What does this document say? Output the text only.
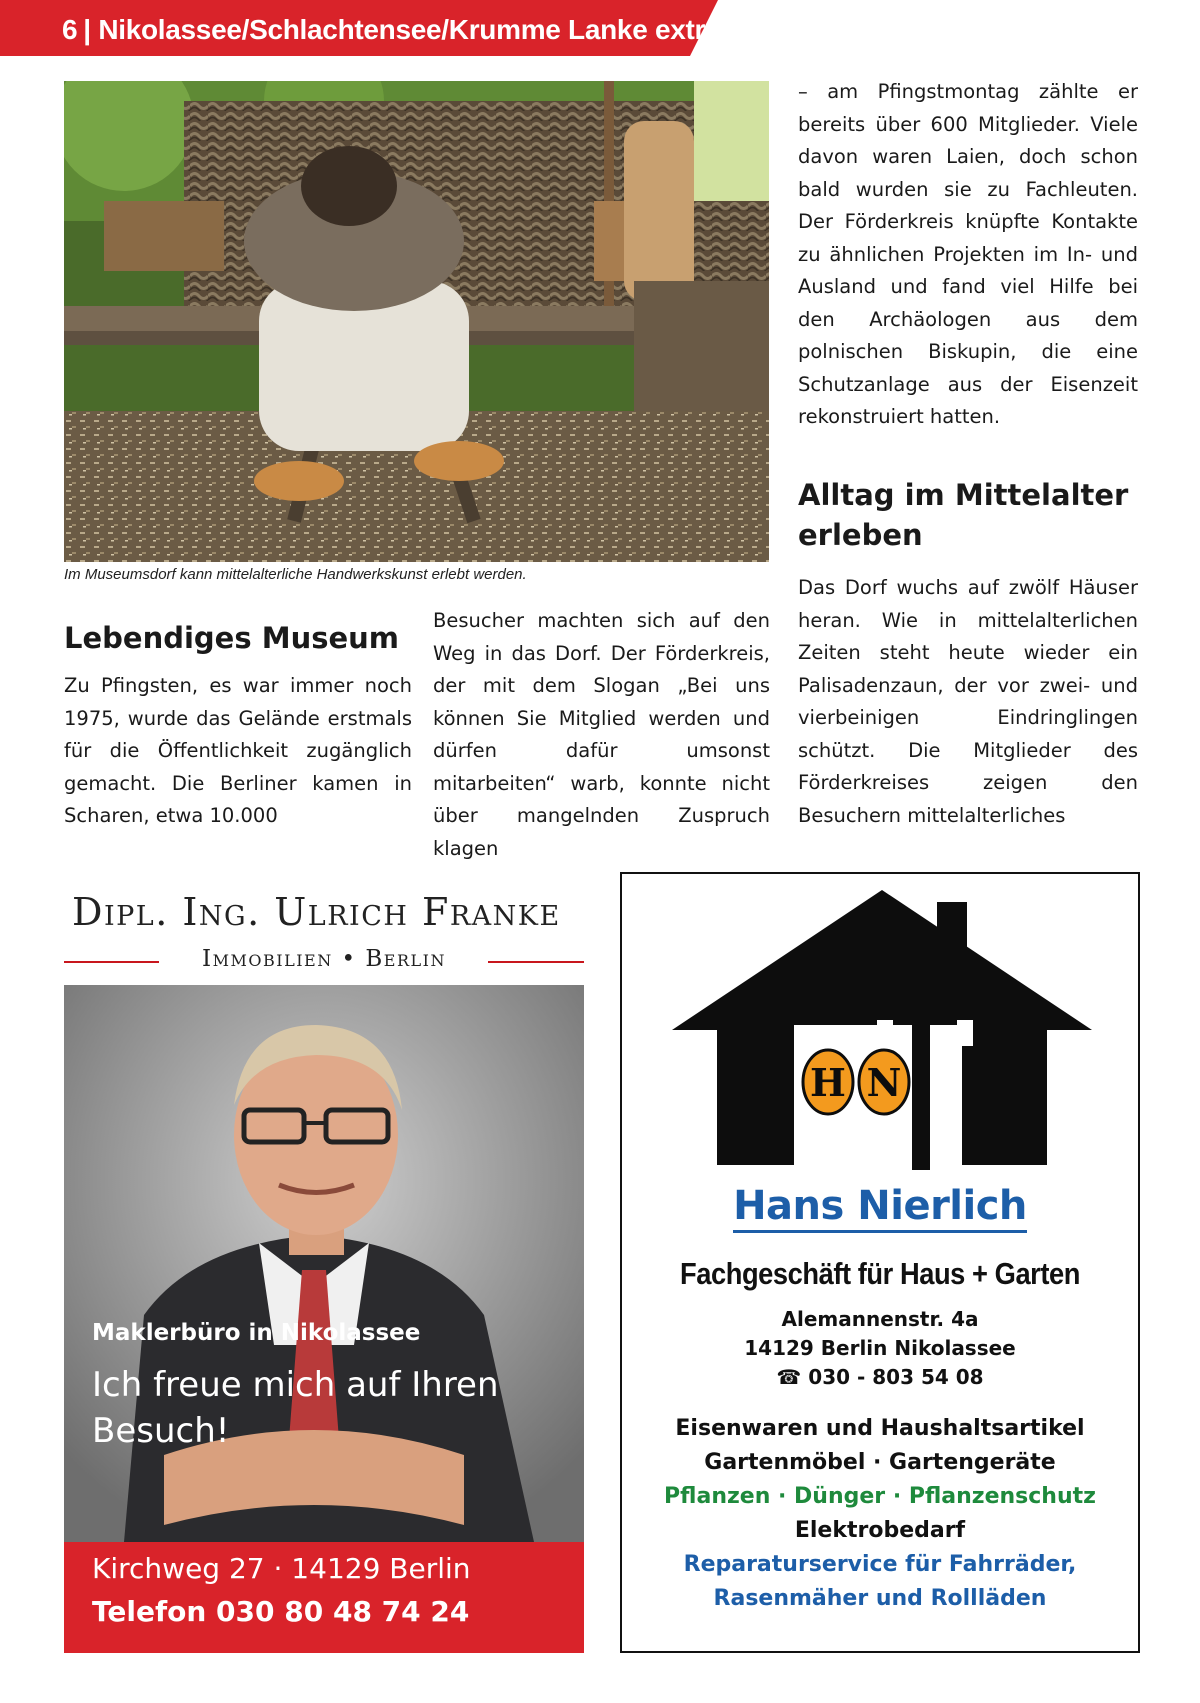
6 | Nikolassee/Schlachtensee/Krumme Lanke extra
Im Museumsdorf kann mittelalterliche Handwerkskunst erlebt werden.
Lebendiges Museum

Zu Pfingsten, es war immer noch 1975, wurde das Gelände erstmals für die Öffentlichkeit zugänglich gemacht. Die Berliner kamen in Scharen, etwa 10.000

Besucher machten sich auf den Weg in das Dorf. Der Förderkreis, der mit dem Slogan „Bei uns können Sie Mitglied werden und dürfen dafür umsonst mitarbeiten“ warb, konnte nicht über mangelnden Zuspruch klagen

– am Pfingstmontag zählte er bereits über 600 Mitglieder. Viele davon waren Laien, doch schon bald wurden sie zu Fachleuten. Der Förderkreis knüpfte Kontakte zu ähnlichen Projekten im In- und Ausland und fand viel Hilfe bei den Archäologen aus dem polnischen Biskupin, die eine Schutzanlage aus der Eisenzeit rekonstruiert hatten.

Alltag im Mittelalter erleben

Das Dorf wuchs auf zwölf Häuser heran. Wie in mittelalterlichen Zeiten steht heute wieder ein Palisadenzaun, der vor zwei- und vierbeinigen Eindringlingen schützt. Die Mitglieder des Förderkreises zeigen den Besuchern mittelalterliches

Dipl. Ing. Ulrich Franke
Immobilien • Berlin
Maklerbüro in Nikolassee
Ich freue mich auf Ihren Besuch!
Kirchweg 27 · 14129 Berlin
Telefon 030 80 48 74 24
H N
Hans Nierlich
Fachgeschäft für Haus + Garten
Alemannenstr. 4a
14129 Berlin Nikolassee
☎ 030 - 803 54 08
Eisenwaren und Haushaltsartikel
Gartenmöbel · Gartengeräte
Pflanzen · Dünger · Pflanzenschutz
Elektrobedarf
Reparaturservice für Fahrräder,
Rasenmäher und Rollläden
